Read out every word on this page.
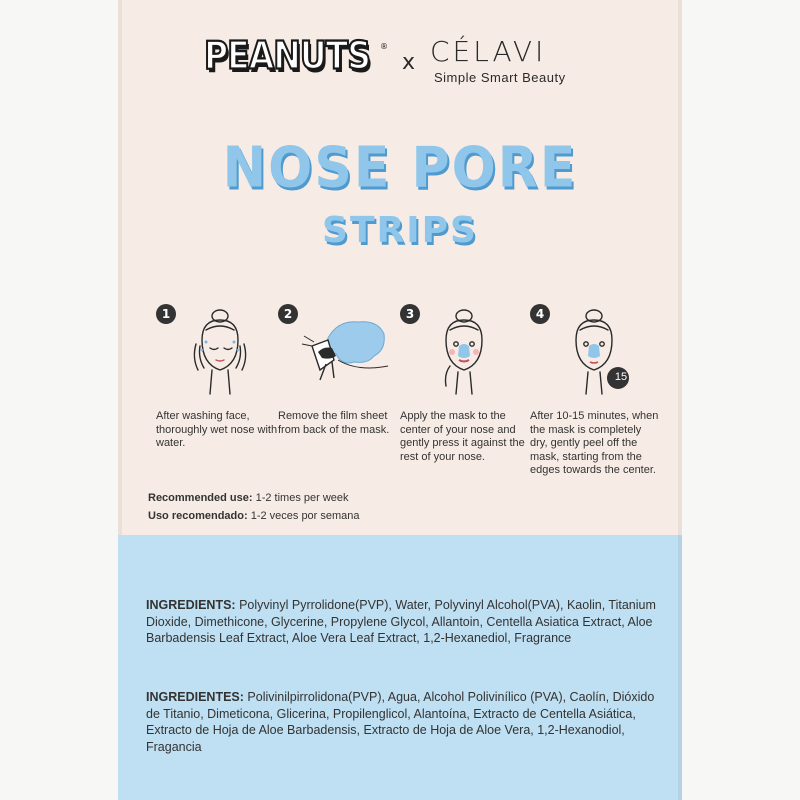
PEANUTS	®
x CÉLAVI
Simple Smart Beauty
NOSE PORE
STRIPS
1
After washing face, thoroughly wet nose with water.
2
Remove the film sheet from back of the mask.
3
Apply the mask to the center of your nose and gently press it against the rest of your nose.
4
15
After 10-15 minutes, when the mask is completely dry, gently peel off the mask, starting from the edges towards the center.
Recommended use: 1-2 times per week
Uso recomendado: 1-2 veces por semana
INGREDIENTS: Polyvinyl Pyrrolidone(PVP), Water, Polyvinyl Alcohol(PVA), Kaolin, Titanium Dioxide, Dimethicone, Glycerine, Propylene Glycol, Allantoin, Centella Asiatica Extract, Aloe Barbadensis Leaf Extract, Aloe Vera Leaf Extract, 1,2-Hexanediol, Fragrance
INGREDIENTES: Polivinilpirrolidona(PVP), Agua, Alcohol Polivinílico (PVA), Caolín, Dióxido de Titanio, Dimeticona, Glicerina, Propilenglicol, Alantoína, Extracto de Centella Asiática, Extracto de Hoja de Aloe Barbadensis, Extracto de Hoja de Aloe Vera, 1,2-Hexanodiol, Fragancia
